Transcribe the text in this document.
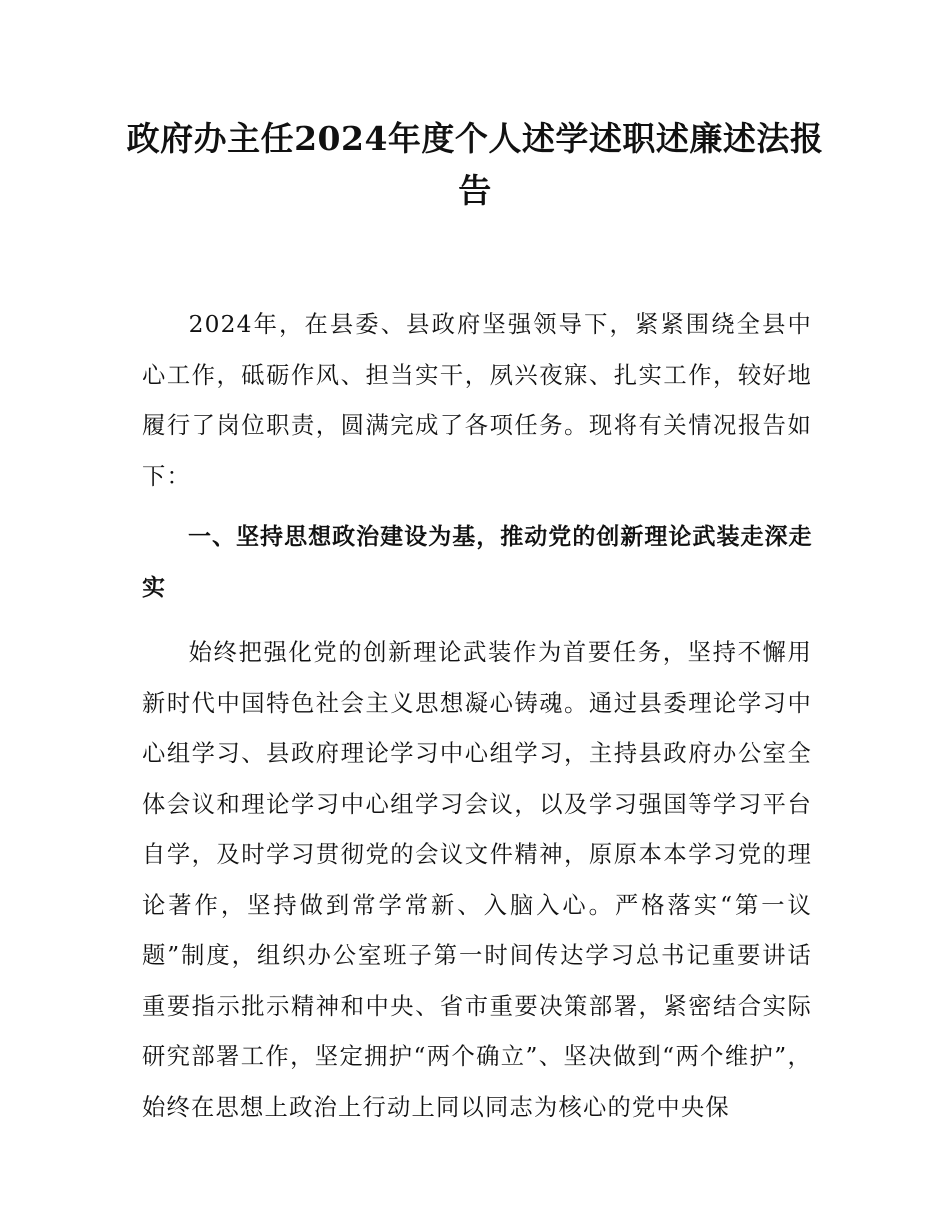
政府办主任2024年度个人述学述职述廉述法报告

2024年，在县委、县政府坚强领导下，紧紧围绕全县中心工作，砥砺作风、担当实干，夙兴夜寐、扎实工作，较好地履行了岗位职责，圆满完成了各项任务。现将有关情况报告如下：

一、坚持思想政治建设为基，推动党的创新理论武装走深走实

始终把强化党的创新理论武装作为首要任务，坚持不懈用新时代中国特色社会主义思想凝心铸魂。通过县委理论学习中心组学习、县政府理论学习中心组学习，主持县政府办公室全体会议和理论学习中心组学习会议，以及学习强国等学习平台自学，及时学习贯彻党的会议文件精神，原原本本学习党的理论著作，坚持做到常学常新、入脑入心。严格落实“第一议题”制度，组织办公室班子第一时间传达学习总书记重要讲话重要指示批示精神和中央、省市重要决策部署，紧密结合实际研究部署工作，坚定拥护“两个确立”、坚决做到“两个维护”，始终在思想上政治上行动上同以同志为核心的党中央保
